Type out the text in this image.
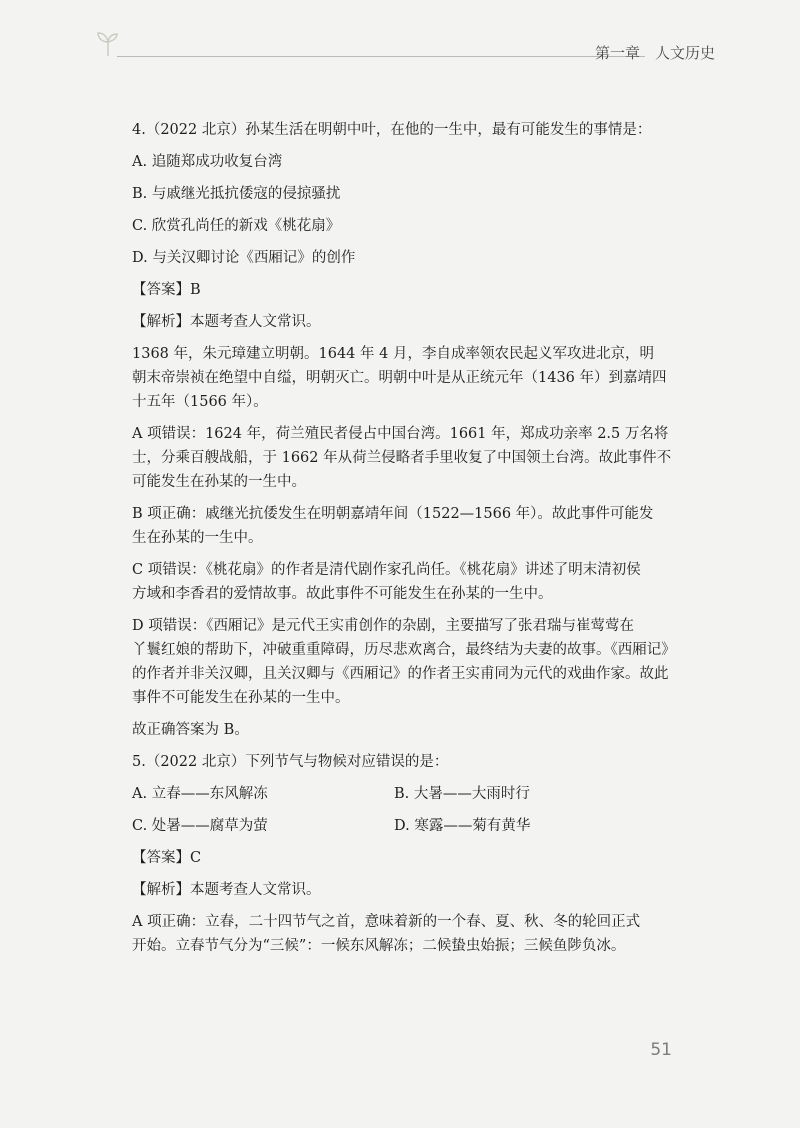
第一章　人文历史

4.（2022 北京）孙某生活在明朝中叶，在他的一生中，最有可能发生的事情是：

A. 追随郑成功收复台湾

B. 与戚继光抵抗倭寇的侵掠骚扰

C. 欣赏孔尚任的新戏《桃花扇》

D. 与关汉卿讨论《西厢记》的创作

【答案】B

【解析】本题考查人文常识。

1368 年，朱元璋建立明朝。1644 年 4 月，李自成率领农民起义军攻进北京，明

朝末帝崇祯在绝望中自缢，明朝灭亡。明朝中叶是从正统元年（1436 年）到嘉靖四

十五年（1566 年）。

A 项错误：1624 年，荷兰殖民者侵占中国台湾。1661 年，郑成功亲率 2.5 万名将

士，分乘百艘战船，于 1662 年从荷兰侵略者手里收复了中国领土台湾。故此事件不

可能发生在孙某的一生中。

B 项正确：戚继光抗倭发生在明朝嘉靖年间（1522—1566 年）。故此事件可能发

生在孙某的一生中。

C 项错误：《桃花扇》的作者是清代剧作家孔尚任。《桃花扇》讲述了明末清初侯

方域和李香君的爱情故事。故此事件不可能发生在孙某的一生中。

D 项错误：《西厢记》是元代王实甫创作的杂剧，主要描写了张君瑞与崔莺莺在

丫鬟红娘的帮助下，冲破重重障碍，历尽悲欢离合，最终结为夫妻的故事。《西厢记》

的作者并非关汉卿，且关汉卿与《西厢记》的作者王实甫同为元代的戏曲作家。故此

事件不可能发生在孙某的一生中。

故正确答案为 B。

5.（2022 北京）下列节气与物候对应错误的是：

A. 立春——东风解冻	B. 大暑——大雨时行
C. 处暑——腐草为萤	D. 寒露——菊有黄华

【答案】C

【解析】本题考查人文常识。

A 项正确：立春，二十四节气之首，意味着新的一个春、夏、秋、冬的轮回正式

开始。立春节气分为“三候”：一候东风解冻；二候蛰虫始振；三候鱼陟负冰。

51
